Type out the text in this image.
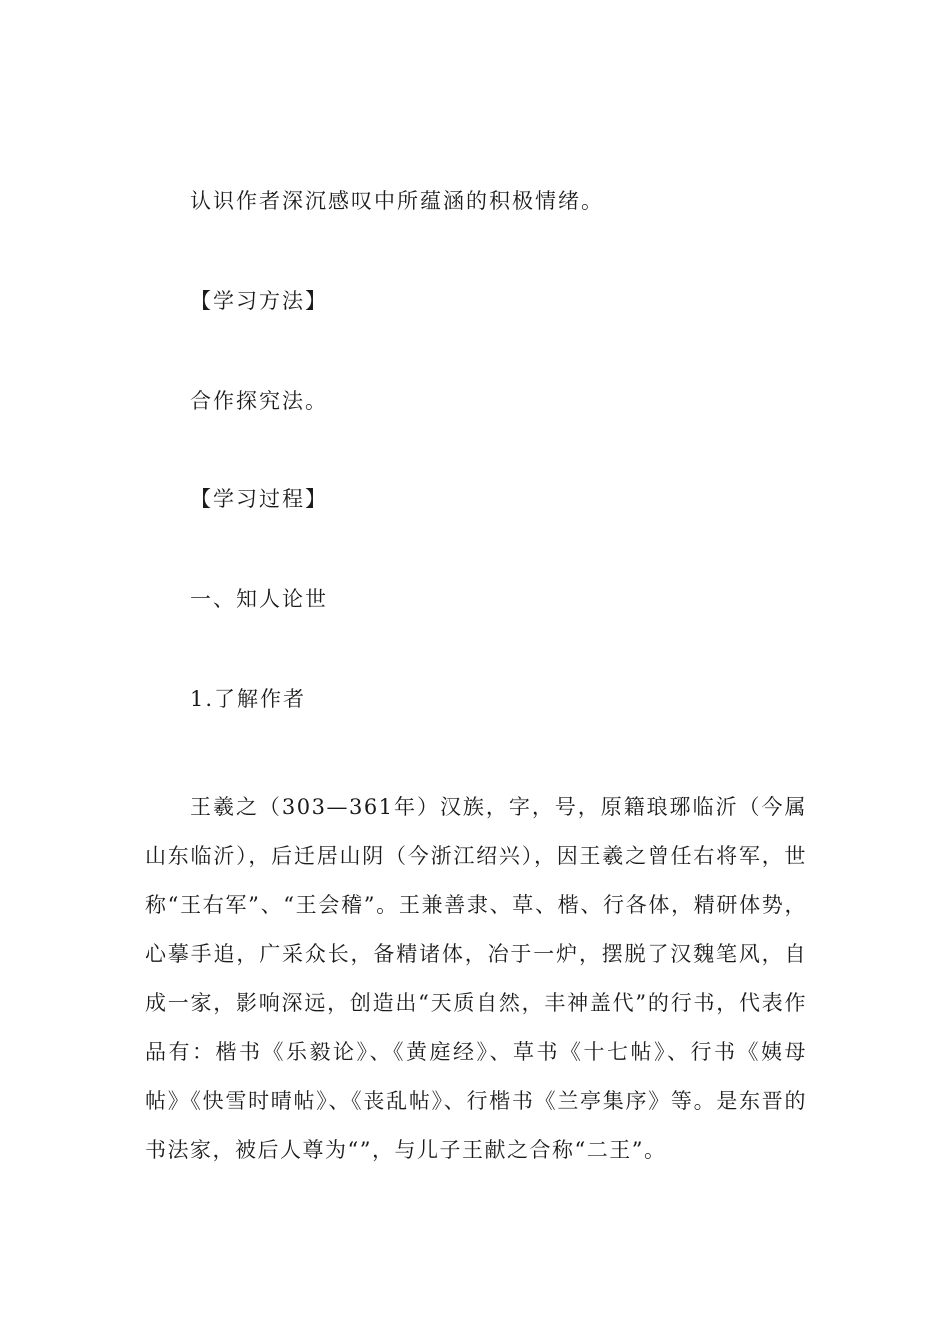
认识作者深沉感叹中所蕴涵的积极情绪。
【学习方法】
合作探究法。
【学习过程】
一、知人论世
1.了解作者
王羲之（303—361年）汉族，字，号，原籍琅琊临沂（今属山东临沂），后迁居山阴（今浙江绍兴），因王羲之曾任右将军，世称“王右军”、“王会稽”。王兼善隶、草、楷、行各体，精研体势，心摹手追，广采众长，备精诸体，冶于一炉，摆脱了汉魏笔风，自成一家，影响深远，创造出“天质自然，丰神盖代”的行书，代表作品有：楷书《乐毅论》、《黄庭经》、草书《十七帖》、行书《姨母帖》《快雪时晴帖》、《丧乱帖》、行楷书《兰亭集序》等。是东晋的书法家，被后人尊为“”，与儿子王献之合称“二王”。
